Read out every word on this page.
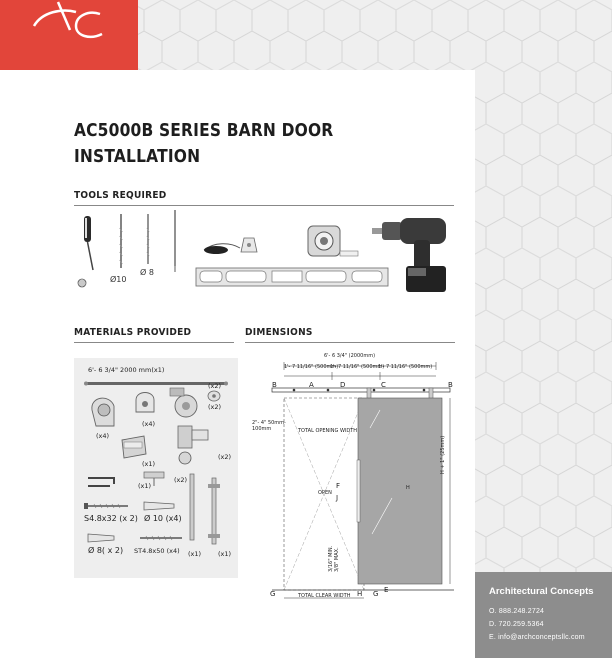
AC5000B SERIES BARN DOOR
INSTALLATION
TOOLS REQUIRED
Ø10
Ø 8
MATERIALS PROVIDED
6'- 6 3/4" 2000 mm(x1)
(x4)
(x4)
(x2)
(x2)
(x1)
(x2)
(x2)
(x1)
S4.8x32 (x 2) Ø 10 (x4)
Ø 8( x 2) ST4.8x50 (x4) (x1)	(x1)
DIMENSIONS
6'- 6 3/4" (2000mm)
1'- 7 11/16" (500mm)
1'- 7 11/16" (500mm)
1'- 7 11/16" (500mm)
2"- 4" 50mm- 100mm	TOTAL OPENING WIDTH
TOTAL CLEAR WIDTH
OPEN
H
H + 1" (25mm)
3/16" MIN. 3/8" MAX.
B	A	D	C	B
F
J
E
G	H G	Architectural Concepts
O. 888.248.2724
D. 720.259.5364
E. info@archconceptsllc.com
